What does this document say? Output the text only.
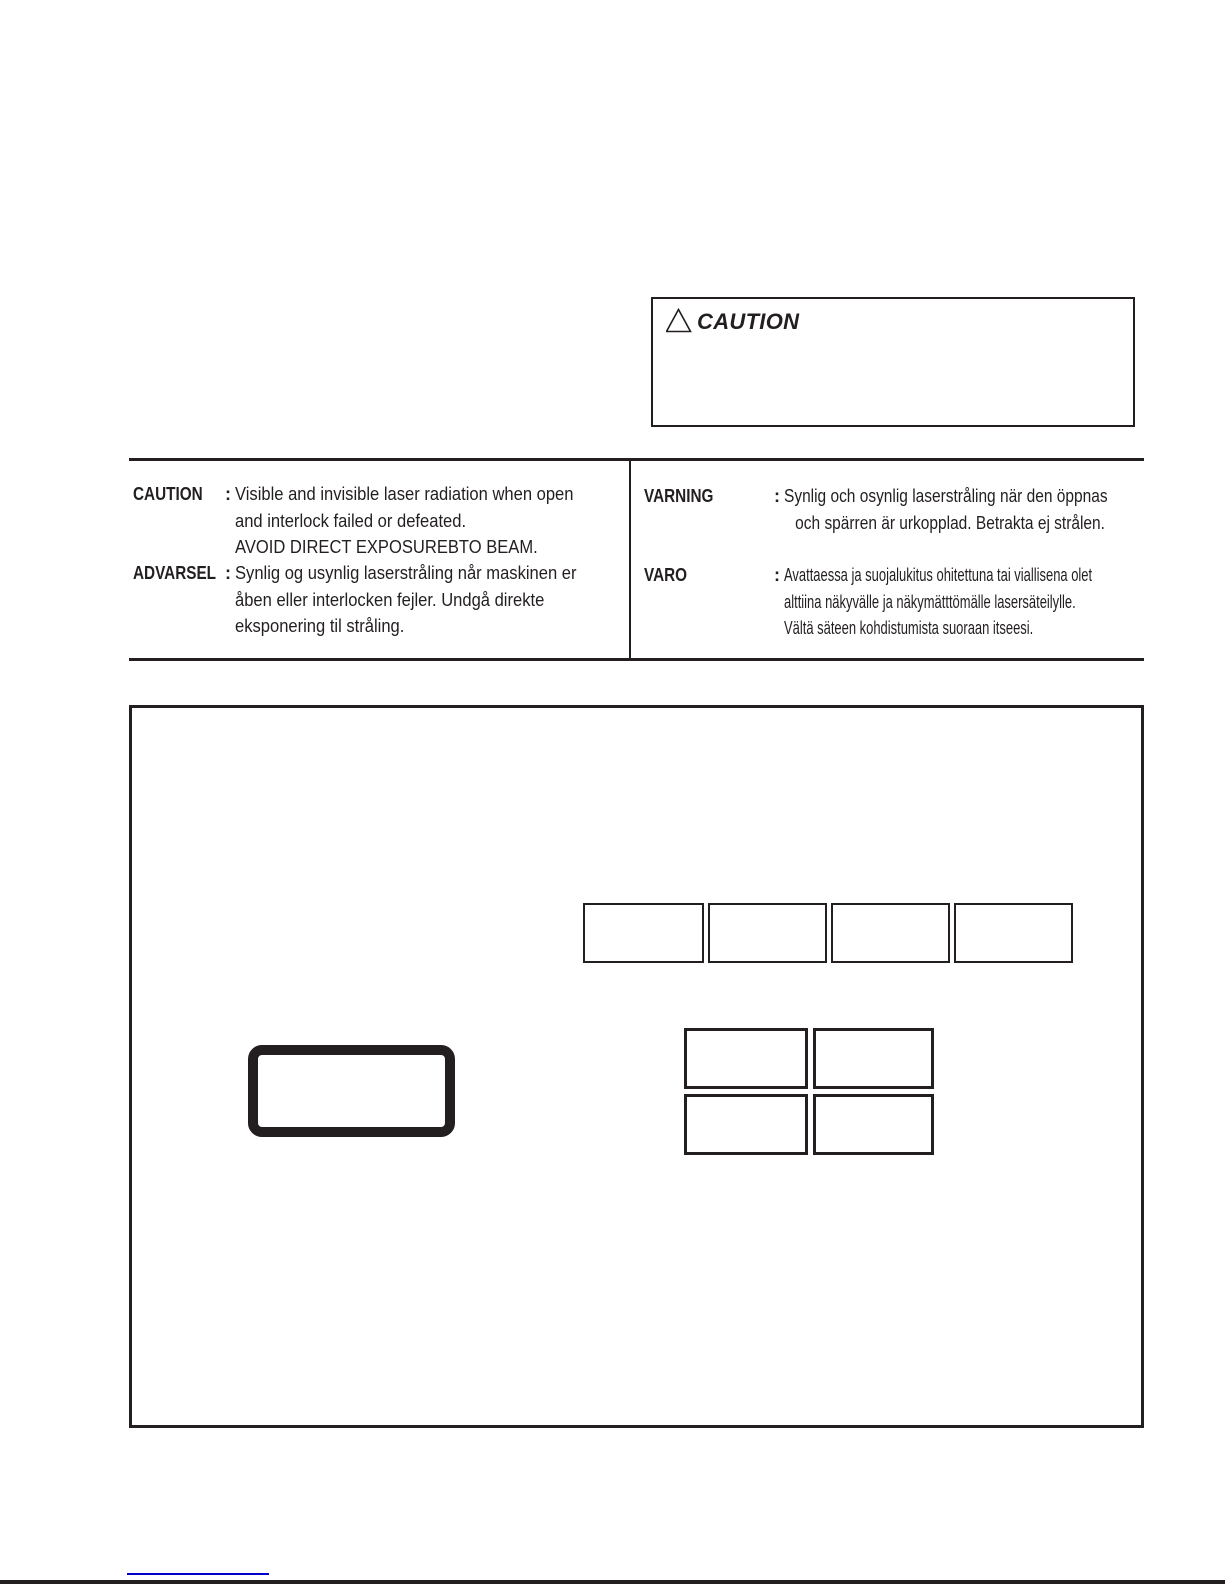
CAUTION
CAUTION	: Visible and invisible laser radiation when open
and interlock failed or defeated.
AVOID DIRECT EXPOSUREBTO BEAM.
ADVARSEL : Synlig og usynlig laserstråling når maskinen er
åben eller interlocken fejler. Undgå direkte
eksponering til stråling.
VARNING	: Synlig och osynlig laserstråling när den öppnas
och spärren är urkopplad. Betrakta ej strålen.
VARO	: Avattaessa ja suojalukitus ohitettuna tai viallisena olet
alttiina näkyvälle ja näkymätttömälle lasersäteilylle.
Vältä säteen kohdistumista suoraan itseesi.
